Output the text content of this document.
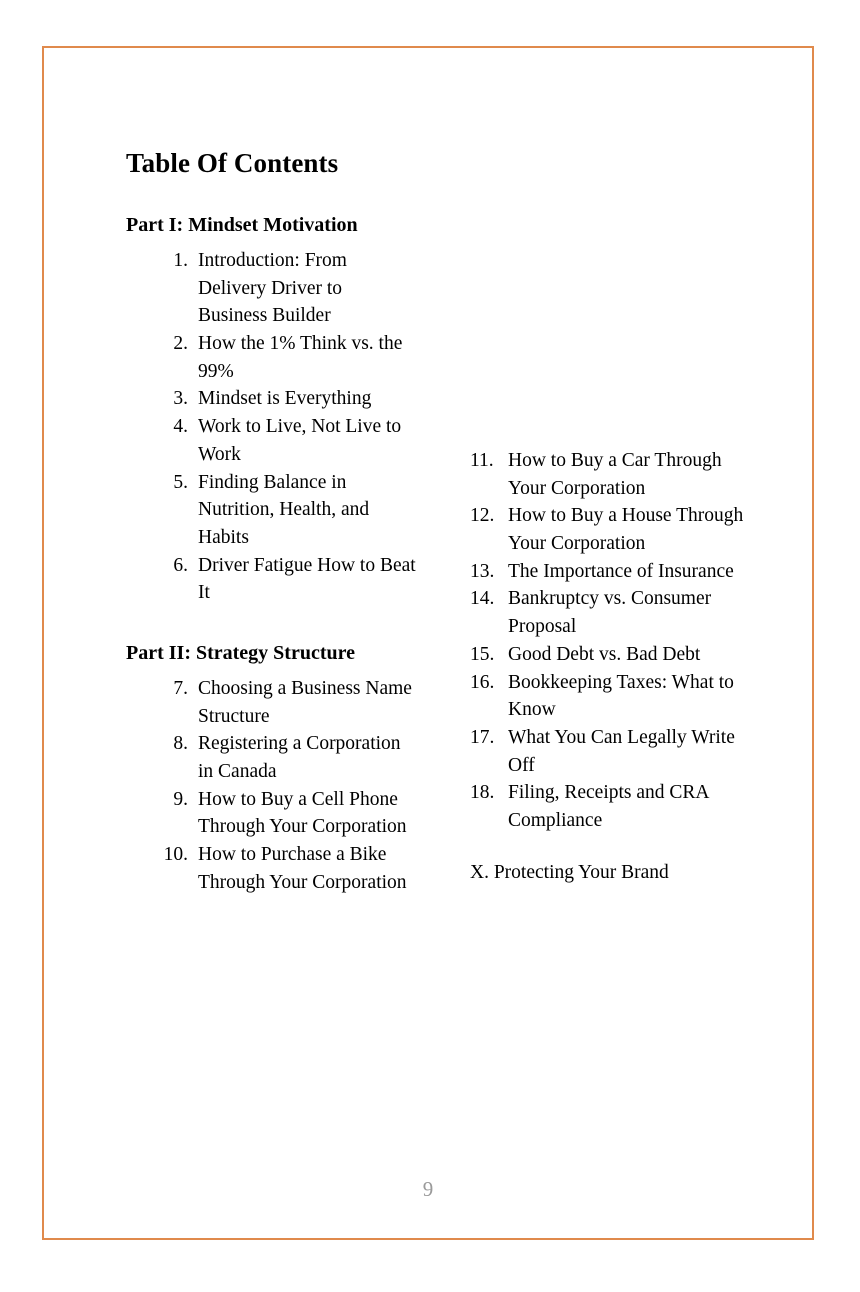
Table Of Contents
Part I: Mindset Motivation
1. Introduction: From Delivery Driver to Business Builder
2. How the 1% Think vs. the 99%
3. Mindset is Everything
4. Work to Live, Not Live to Work
5. Finding Balance in Nutrition, Health, and Habits
6. Driver Fatigue How to Beat It
Part II: Strategy Structure
7. Choosing a Business Name Structure
8. Registering a Corporation in Canada
9. How to Buy a Cell Phone Through Your Corporation
10. How to Purchase a Bike Through Your Corporation
11. How to Buy a Car Through Your Corporation
12. How to Buy a House Through Your Corporation
13. The Importance of Insurance
14. Bankruptcy vs. Consumer Proposal
15. Good Debt vs. Bad Debt
16. Bookkeeping Taxes: What to Know
17. What You Can Legally Write Off
18. Filing, Receipts and CRA Compliance
X. Protecting Your Brand
9
